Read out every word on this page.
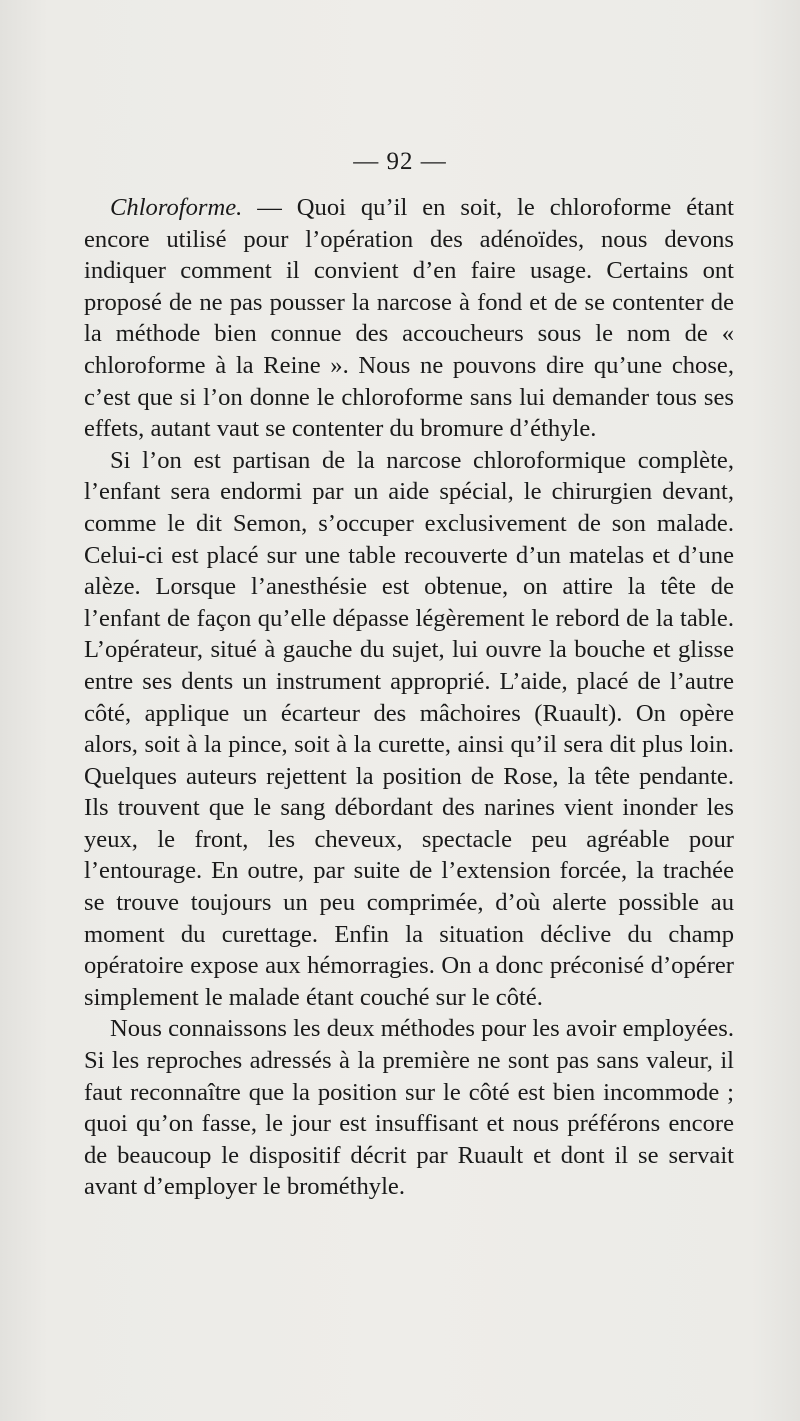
— 92 —

Chloroforme. — Quoi qu’il en soit, le chloroforme étant encore utilisé pour l’opération des adénoïdes, nous devons indiquer comment il convient d’en faire usage. Certains ont proposé de ne pas pousser la narcose à fond et de se contenter de la méthode bien connue des accoucheurs sous le nom de « chloroforme à la Reine ». Nous ne pouvons dire qu’une chose, c’est que si l’on donne le chloroforme sans lui demander tous ses effets, autant vaut se contenter du bromure d’éthyle.

Si l’on est partisan de la narcose chloroformique complète, l’enfant sera endormi par un aide spécial, le chirurgien devant, comme le dit Semon, s’occuper exclusivement de son malade. Celui-ci est placé sur une table recouverte d’un matelas et d’une alèze. Lorsque l’anesthésie est obtenue, on attire la tête de l’enfant de façon qu’elle dépasse légèrement le rebord de la table. L’opérateur, situé à gauche du sujet, lui ouvre la bouche et glisse entre ses dents un instrument approprié. L’aide, placé de l’autre côté, applique un écarteur des mâchoires (Ruault). On opère alors, soit à la pince, soit à la curette, ainsi qu’il sera dit plus loin. Quelques auteurs rejettent la position de Rose, la tête pendante. Ils trouvent que le sang débordant des narines vient inonder les yeux, le front, les cheveux, spectacle peu agréable pour l’entourage. En outre, par suite de l’extension forcée, la trachée se trouve toujours un peu comprimée, d’où alerte possible au moment du curettage. Enfin la situation déclive du champ opératoire expose aux hémorragies. On a donc préconisé d’opérer simplement le malade étant couché sur le côté.

Nous connaissons les deux méthodes pour les avoir employées. Si les reproches adressés à la première ne sont pas sans valeur, il faut reconnaître que la position sur le côté est bien incommode ; quoi qu’on fasse, le jour est insuffisant et nous préférons encore de beaucoup le dispositif décrit par Ruault et dont il se servait avant d’employer le brométhyle.
